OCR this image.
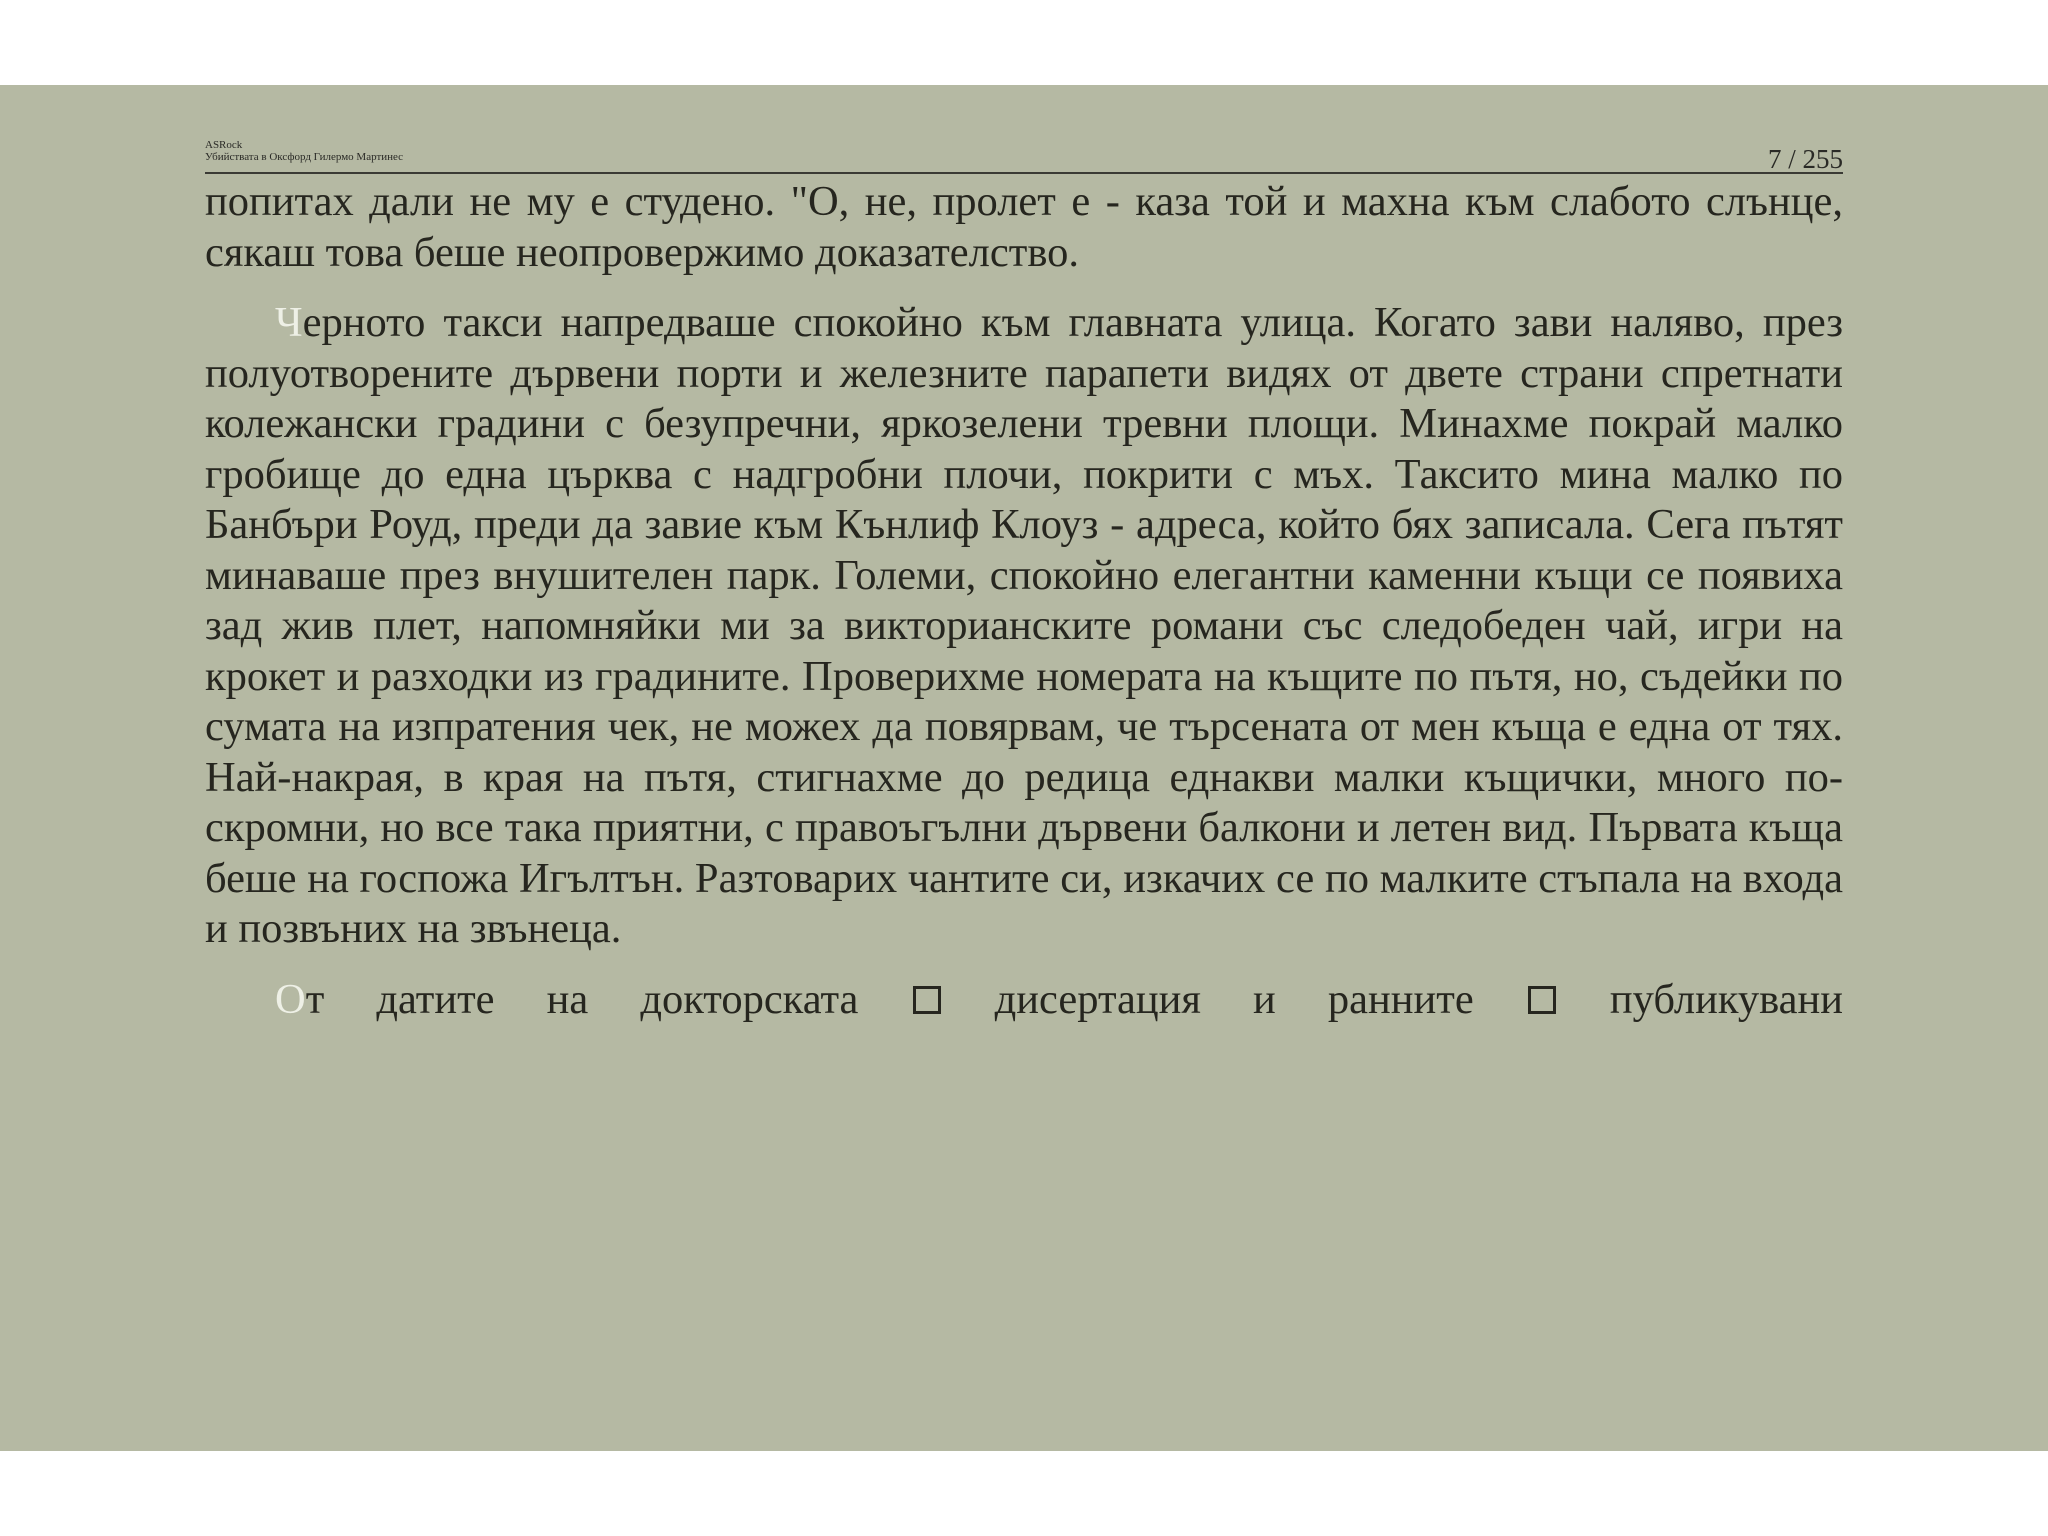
ASRock
Убийствата в Оксфорд Гилермо Мартинес	7 / 255

попитах дали не му е студено. "О, не, пролет е - каза той и махна към слабото слънце, сякаш това беше неопровержимо доказателство.

Черното такси напредваше спокойно към главната улица. Когато зави наляво, през полуотворените дървени порти и железните парапети видях от двете страни спретнати колежански градини с безупречни, яркозелени тревни площи. Минахме покрай малко гробище до една църква с надгробни плочи, покрити с мъх. Таксито мина малко по Банбъри Роуд, преди да завие към Кънлиф Клоуз - адреса, който бях записала. Сега пътят минаваше през внушителен парк. Големи, спокойно елегантни каменни къщи се появиха зад жив плет, напомняйки ми за викторианските романи със следобеден чай, игри на крокет и разходки из градините. Проверихме номерата на къщите по пътя, но, съдейки по сумата на изпратения чек, не можех да повярвам, че търсената от мен къща е една от тях. Най-накрая, в края на пътя, стигнахме до редица еднакви малки къщички, много по-скромни, но все така приятни, с правоъгълни дървени балкони и летен вид. Първата къща беше на госпожа Игълтън. Разтоварих чантите си, изкачих се по малките стъпала на входа и позвъних на звънеца.

От датите на докторската	дисертация и ранните	публикувани
